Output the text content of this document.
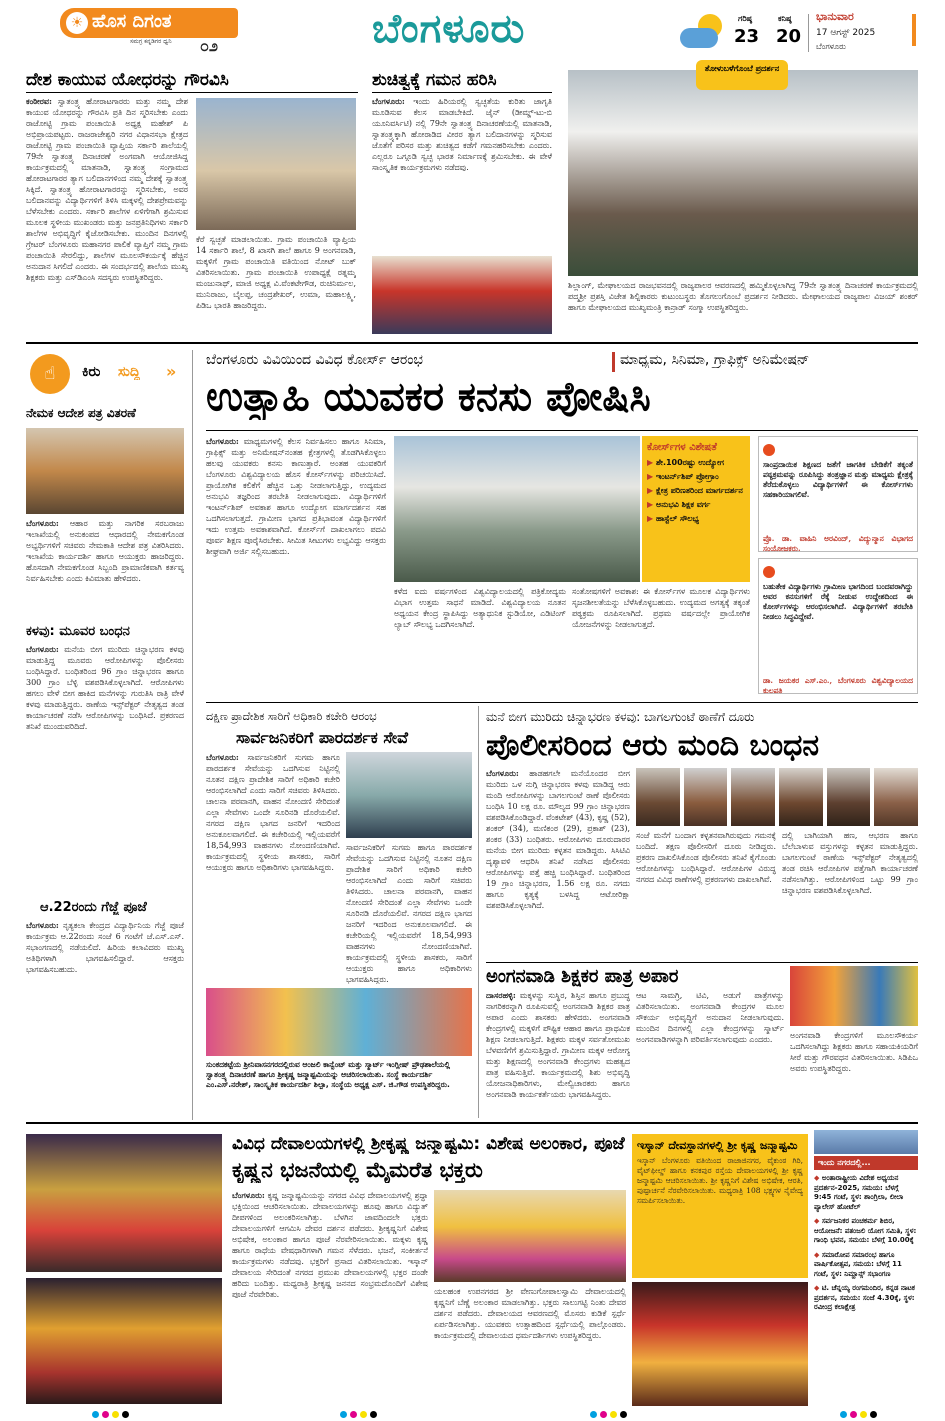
☀ ಹೊಸ ದಿಗಂತ
ಸಮಗ್ರ ಕನ್ನಡಿಗರ ಧ್ವನಿ ೦೨	ಬೆಂಗಳೂರು	ಗರಿಷ್ಠ
23
ಕನಿಷ್ಠ
20
ಭಾನುವಾರ
17 ಆಗಸ್ಟ್ 2025
ಬೆಂಗಳೂರು
ದೇಶ ಕಾಯುವ ಯೋಧರನ್ನು ಗೌರವಿಸಿ
ಕಂಠೀರವ: ಸ್ವಾತಂತ್ರ್ಯ ಹೋರಾಟಗಾರರು ಮತ್ತು ನಮ್ಮ ದೇಶ ಕಾಯುವ ಯೋಧರನ್ನು ಗೌರವಿಸಿ ಪ್ರತಿ ದಿನ ಸ್ಮರಿಸಬೇಕು ಎಂದು ರಾಜೋಟ್ಟಿ ಗ್ರಾಮ ಪಂಚಾಯಿತಿ ಅಧ್ಯಕ್ಷ ಮಹೇಶ್ ಪಿ ಅಭಿಪ್ರಾಯಪಟ್ಟರು. ರಾಜರಾಜೇಶ್ವರಿ ನಗರ ವಿಧಾನಸಭಾ ಕ್ಷೇತ್ರದ ರಾಜೋಟ್ಟಿ ಗ್ರಾಮ ಪಂಚಾಯಿತಿ ವ್ಯಾಪ್ತಿಯ ಸರ್ಕಾರಿ ಶಾಲೆಯಲ್ಲಿ 79ನೇ ಸ್ವಾತಂತ್ರ್ಯ ದಿನಾಚರಣೆ ಅಂಗವಾಗಿ ಆಯೋಜಿಸಿದ್ದ ಕಾರ್ಯಕ್ರಮದಲ್ಲಿ ಮಾತನಾಡಿ, ಸ್ವಾತಂತ್ರ್ಯ ಸಂಗ್ರಾಮದ ಹೋರಾಟಗಾರರ ತ್ಯಾಗ ಬಲಿದಾನಗಳಿಂದ ನಮ್ಮ ದೇಶಕ್ಕೆ ಸ್ವಾತಂತ್ರ್ಯ ಸಿಕ್ಕಿದೆ. ಸ್ವಾತಂತ್ರ್ಯ ಹೋರಾಟಗಾರರನ್ನು ಸ್ಮರಿಸಬೇಕು, ಅವರ ಬಲಿದಾನವನ್ನು ವಿದ್ಯಾರ್ಥಿಗಳಿಗೆ ತಿಳಿಸಿ ಮಕ್ಕಳಲ್ಲಿ ದೇಶಪ್ರೇಮವನ್ನು ಬೆಳೆಸಬೇಕು ಎಂದರು. ಸರ್ಕಾರಿ ಶಾಲೆಗಳ ಏಳಿಗೆಗಾಗಿ ಶ್ರಮಿಸುವ ಮೂಲಕ ಸ್ಥಳೀಯ ಮುಖಂಡರು ಮತ್ತು ಜನಪ್ರತಿನಿಧಿಗಳು ಸರ್ಕಾರಿ ಶಾಲೆಗಳ ಅಭಿವೃದ್ಧಿಗೆ ಕೈಜೋಡಿಸಬೇಕು. ಮುಂದಿನ ದಿನಗಳಲ್ಲಿ ಗ್ರೇಟರ್ ಬೆಂಗಳೂರು ಮಹಾನಗರ ಪಾಲಿಕೆ ವ್ಯಾಪ್ತಿಗೆ ನಮ್ಮ ಗ್ರಾಮ ಪಂಚಾಯಿತಿ ಸೇರಲಿದ್ದು, ಶಾಲೆಗಳ ಮೂಲಸೌಕರ್ಯಕ್ಕೆ ಹೆಚ್ಚಿನ ಅನುದಾನ ಸಿಗಲಿದೆ ಎಂದರು. ಈ ಸಂದರ್ಭದಲ್ಲಿ ಶಾಲೆಯ ಮುಖ್ಯ ಶಿಕ್ಷಕರು ಮತ್ತು ಎಸ್‌ಡಿಎಂಸಿ ಸದಸ್ಯರು ಉಪಸ್ಥಿತರಿದ್ದರು.
ಕೆರೆ ಸ್ವಚ್ಛತೆ ಮಾಡಲಾಯಿತು. ಗ್ರಾಮ ಪಂಚಾಯಿತಿ ವ್ಯಾಪ್ತಿಯ 14 ಸರ್ಕಾರಿ ಶಾಲೆ, 8 ಖಾಸಗಿ ಶಾಲೆ ಹಾಗೂ 9 ಅಂಗನವಾಡಿ, ಮಕ್ಕಳಿಗೆ ಗ್ರಾಮ ಪಂಚಾಯಿತಿ ವತಿಯಿಂದ ನೋಟ್ ಬುಕ್ ವಿತರಿಸಲಾಯಿತು. ಗ್ರಾಮ ಪಂಚಾಯಿತಿ ಉಪಾಧ್ಯಕ್ಷೆ ರತ್ನಮ್ಮ ಮಂಜುನಾಥ್, ಮಾಜಿ ಅಧ್ಯಕ್ಷ ವಿ.ವೆಂಕಟೇಗೌಡ, ರುಚಿನಿರ್ಮಲ, ಮುನಿರಾಜು, ಬೈಲಪ್ಪ, ಚಂದ್ರಶೇಖರ್, ಉಮಾ, ಮಹಾಲಕ್ಷ್ಮಿ, ಪಿಡಿಒ ಭಾರತಿ ಹಾಜರಿದ್ದರು.
ಶುಚಿತ್ವಕ್ಕೆ ಗಮನ ಹರಿಸಿ
ಬೆಂಗಳೂರು: ಇಂದು ಹಿರಿಯರಲ್ಲಿ ಸ್ವಚ್ಛತೆಯ ಕುರಿತು ಜಾಗೃತಿ ಮೂಡಿಸುವ ಕೆಲಸ ಮಾಡಬೇಕಿದೆ. ಜೈನ್ (ಡೀಮ್ಡ್-ಟು-ಬಿ ಯೂನಿವರ್ಸಿಟಿ) ನಲ್ಲಿ 79ನೇ ಸ್ವಾತಂತ್ರ್ಯ ದಿನಾಚರಣೆಯಲ್ಲಿ ಮಾತನಾಡಿ, ಸ್ವಾತಂತ್ರ್ಯಕ್ಕಾಗಿ ಹೋರಾಡಿದ ವೀರರ ತ್ಯಾಗ ಬಲಿದಾನಗಳನ್ನು ಸ್ಮರಿಸುವ ಜೊತೆಗೆ ಪರಿಸರ ಮತ್ತು ಶುಚಿತ್ವದ ಕಡೆಗೆ ಗಮನಹರಿಸಬೇಕು ಎಂದರು. ಎಲ್ಲರೂ ಒಗ್ಗೂಡಿ ಸ್ವಚ್ಛ ಭಾರತ ನಿರ್ಮಾಣಕ್ಕೆ ಶ್ರಮಿಸಬೇಕು. ಈ ವೇಳೆ ಸಾಂಸ್ಕೃತಿಕ ಕಾರ್ಯಕ್ರಮಗಳು ನಡೆದವು.
ತೋಳುಬಳೆಗೊಂಬೆ ಪ್ರದರ್ಶನ
ಶಿಲ್ಲಾಂಗ್, ಮೇಘಾಲಯದ ರಾಜಭವನದಲ್ಲಿ ರಾಜ್ಯಪಾಲರ ಆವರಣದಲ್ಲಿ ಹಮ್ಮಿಕೊಳ್ಳಲಾಗಿದ್ದ 79ನೇ ಸ್ವಾತಂತ್ರ್ಯ ದಿನಾಚರಣೆ ಕಾರ್ಯಕ್ರಮದಲ್ಲಿ ಪದ್ಮಶ್ರೀ ಪ್ರಶಸ್ತಿ ವಿಜೇತ ಶಿಲ್ಪಿಕಾರರು ಕುಟುಂಬಸ್ಥರು ತೊಗಲುಗೊಂಬೆ ಪ್ರದರ್ಶನ ನೀಡಿದರು. ಮೇಘಾಲಯದ ರಾಜ್ಯಪಾಲ ವಿಜಯ್ ಶಂಕರ್ ಹಾಗೂ ಮೇಘಾಲಯದ ಮುಖ್ಯಮಂತ್ರಿ ಕಾನ್ರಾಡ್ ಸಂಗ್ಮಾ ಉಪಸ್ಥಿತರಿದ್ದರು.
☝	ಕಿರು ಸುದ್ದಿ »
ನೇಮಕ ಆದೇಶ ಪತ್ರ ವಿತರಣೆ
ಬೆಂಗಳೂರು: ಆಹಾರ ಮತ್ತು ನಾಗರಿಕ ಸರಬರಾಜು ಇಲಾಖೆಯಲ್ಲಿ ಅನುಕಂಪದ ಆಧಾರದಲ್ಲಿ ನೇಮಕಗೊಂಡ ಅಭ್ಯರ್ಥಿಗಳಿಗೆ ಸಚಿವರು ನೇಮಕಾತಿ ಆದೇಶ ಪತ್ರ ವಿತರಿಸಿದರು. ಇಲಾಖೆಯ ಕಾರ್ಯದರ್ಶಿ ಹಾಗೂ ಆಯುಕ್ತರು ಹಾಜರಿದ್ದರು. ಹೊಸದಾಗಿ ನೇಮಕಗೊಂಡ ಸಿಬ್ಬಂದಿ ಪ್ರಾಮಾಣಿಕವಾಗಿ ಕರ್ತವ್ಯ ನಿರ್ವಹಿಸಬೇಕು ಎಂದು ಕಿವಿಮಾತು ಹೇಳಿದರು.
ಕಳವು: ಮೂವರ ಬಂಧನ
ಬೆಂಗಳೂರು: ಮನೆಯ ಬೀಗ ಮುರಿದು ಚಿನ್ನಾಭರಣ ಕಳವು ಮಾಡುತ್ತಿದ್ದ ಮೂವರು ಆರೋಪಿಗಳನ್ನು ಪೊಲೀಸರು ಬಂಧಿಸಿದ್ದಾರೆ. ಬಂಧಿತರಿಂದ 96 ಗ್ರಾಂ ಚಿನ್ನಾಭರಣ ಹಾಗೂ 300 ಗ್ರಾಂ ಬೆಳ್ಳಿ ವಶಪಡಿಸಿಕೊಳ್ಳಲಾಗಿದೆ. ಆರೋಪಿಗಳು ಹಗಲು ವೇಳೆ ಬೀಗ ಹಾಕಿದ ಮನೆಗಳನ್ನು ಗುರುತಿಸಿ ರಾತ್ರಿ ವೇಳೆ ಕಳವು ಮಾಡುತ್ತಿದ್ದರು. ಠಾಣೆಯ ಇನ್ಸ್‌ಪೆಕ್ಟರ್ ನೇತೃತ್ವದ ತಂಡ ಕಾರ್ಯಾಚರಣೆ ನಡೆಸಿ ಆರೋಪಿಗಳನ್ನು ಬಂಧಿಸಿದೆ. ಪ್ರಕರಣದ ತನಿಖೆ ಮುಂದುವರಿದಿದೆ.
ಆ.22ರಂದು ಗೆಜ್ಜೆ ಪೂಜೆ
ಬೆಂಗಳೂರು: ನೃತ್ಯಕಲಾ ಕೇಂದ್ರದ ವಿದ್ಯಾರ್ಥಿನಿಯ ಗೆಜ್ಜೆ ಪೂಜೆ ಕಾರ್ಯಕ್ರಮ ಆ.22ರಂದು ಸಂಜೆ 6 ಗಂಟೆಗೆ ಜೆ.ಎಸ್.ಎಸ್. ಸಭಾಂಗಣದಲ್ಲಿ ನಡೆಯಲಿದೆ. ಹಿರಿಯ ಕಲಾವಿದರು ಮುಖ್ಯ ಅತಿಥಿಗಳಾಗಿ ಭಾಗವಹಿಸಲಿದ್ದಾರೆ. ಆಸಕ್ತರು ಭಾಗವಹಿಸಬಹುದು.
ಬೆಂಗಳೂರು ವಿವಿಯಿಂದ ವಿವಿಧ ಕೋರ್ಸ್ ಆರಂಭ	ಮಾಧ್ಯಮ, ಸಿನಿಮಾ, ಗ್ರಾಫಿಕ್ಸ್ ಅನಿಮೇಷನ್
ಉತ್ಸಾಹಿ ಯುವಕರ ಕನಸು ಪೋಷಿಸಿ
ಬೆಂಗಳೂರು: ಮಾಧ್ಯಮಗಳಲ್ಲಿ ಕೆಲಸ ನಿರ್ವಹಿಸಲು ಹಾಗೂ ಸಿನಿಮಾ, ಗ್ರಾಫಿಕ್ಸ್ ಮತ್ತು ಅನಿಮೇಷನ್‌ನಂತಹ ಕ್ಷೇತ್ರಗಳಲ್ಲಿ ತೊಡಗಿಸಿಕೊಳ್ಳಲು ಹಲವು ಯುವಕರು ಕನಸು ಕಾಣುತ್ತಾರೆ. ಅಂತಹ ಯುವಕರಿಗೆ ಬೆಂಗಳೂರು ವಿಶ್ವವಿದ್ಯಾಲಯ ಹೊಸ ಕೋರ್ಸ್‌ಗಳನ್ನು ಪರಿಚಯಿಸಿದೆ. ಪ್ರಾಯೋಗಿಕ ಕಲಿಕೆಗೆ ಹೆಚ್ಚಿನ ಒತ್ತು ನೀಡಲಾಗುತ್ತಿದ್ದು, ಉದ್ಯಮದ ಅನುಭವಿ ತಜ್ಞರಿಂದ ತರಬೇತಿ ನೀಡಲಾಗುವುದು. ವಿದ್ಯಾರ್ಥಿಗಳಿಗೆ ಇಂಟರ್ನ್‌ಶಿಪ್ ಅವಕಾಶ ಹಾಗೂ ಉದ್ಯೋಗ ಮಾರ್ಗದರ್ಶನ ಸಹ ಒದಗಿಸಲಾಗುತ್ತದೆ. ಗ್ರಾಮೀಣ ಭಾಗದ ಪ್ರತಿಭಾವಂತ ವಿದ್ಯಾರ್ಥಿಗಳಿಗೆ ಇದು ಉತ್ತಮ ಅವಕಾಶವಾಗಿದೆ. ಕೋರ್ಸ್‌ಗೆ ದಾಖಲಾಗಲು ಪದವಿ ಪೂರ್ವ ಶಿಕ್ಷಣ ಪೂರೈಸಿರಬೇಕು. ಸೀಮಿತ ಸೀಟುಗಳು ಲಭ್ಯವಿದ್ದು ಆಸಕ್ತರು ಶೀಘ್ರವಾಗಿ ಅರ್ಜಿ ಸಲ್ಲಿಸಬಹುದು.
ಕಳೆದ ಐದು ವರ್ಷಗಳಿಂದ ವಿಶ್ವವಿದ್ಯಾಲಯದಲ್ಲಿ ಪತ್ರಿಕೋದ್ಯಮ ವಿಭಾಗ ಉತ್ತಮ ಸಾಧನೆ ಮಾಡಿದೆ. ವಿಶ್ವವಿದ್ಯಾಲಯ ನೂತನ ಅಧ್ಯಯನ ಕೇಂದ್ರ ಸ್ಥಾಪಿಸಿದ್ದು ಅತ್ಯಾಧುನಿಕ ಸ್ಟುಡಿಯೋ, ಎಡಿಟಿಂಗ್ ಲ್ಯಾಬ್ ಸೌಲಭ್ಯ ಒದಗಿಸಲಾಗಿದೆ.
ಸಂತೋಷಗಳಿಗೆ ಅವಕಾಶ: ಈ ಕೋರ್ಸ್‌ಗಳ ಮೂಲಕ ವಿದ್ಯಾರ್ಥಿಗಳು ಸೃಜನಶೀಲತೆಯನ್ನು ಬೆಳೆಸಿಕೊಳ್ಳಬಹುದು. ಉದ್ಯಮದ ಅಗತ್ಯಕ್ಕೆ ತಕ್ಕಂತೆ ಪಠ್ಯಕ್ರಮ ರೂಪಿಸಲಾಗಿದೆ. ಪ್ರಥಮ ವರ್ಷದಲ್ಲೇ ಪ್ರಾಯೋಗಿಕ ಯೋಜನೆಗಳನ್ನು ನೀಡಲಾಗುತ್ತದೆ.
ಕೋರ್ಸ್‌ಗಳ ವಿಶೇಷತೆ
▶ ಶೇ.100ರಷ್ಟು ಉದ್ಯೋಗ
▶ ಇಂಟರ್ನ್‌ಶಿಪ್ ಪ್ರೋಗ್ರಾಂ
▶ ಕ್ಷೇತ್ರ ಪರಿಣತರಿಂದ ಮಾರ್ಗದರ್ಶನ
▶ ಅನುಭವಿ ಶಿಕ್ಷಕ ವರ್ಗ
▶ ಹಾಸ್ಟೆಲ್ ಸೌಲಭ್ಯ
ಸಾಂಪ್ರದಾಯಿಕ ಶಿಕ್ಷಣದ ಜತೆಗೆ ಜಾಗತಿಕ ಬೇಡಿಕೆಗೆ ತಕ್ಕಂತೆ ಪಠ್ಯಕ್ರಮವನ್ನು ರೂಪಿಸಿದ್ದು ತಂತ್ರಜ್ಞಾನ ಮತ್ತು ಮಾಧ್ಯಮ ಕ್ಷೇತ್ರಕ್ಕೆ ತೆರೆದುಕೊಳ್ಳಲು ವಿದ್ಯಾರ್ಥಿಗಳಿಗೆ ಈ ಕೋರ್ಸ್‌ಗಳು ಸಹಕಾರಿಯಾಗಲಿವೆ.
ಪ್ರೊ. ಡಾ. ವಾಹಿನಿ ಅರವಿಂದ್, ವಿದ್ಯುನ್ಮಾನ ವಿಭಾಗದ ಸಂಯೋಜಕರು.
ಬಹುತೇಕ ವಿದ್ಯಾರ್ಥಿಗಳು ಗ್ರಾಮೀಣ ಭಾಗದಿಂದ ಬಂದವರಾಗಿದ್ದು ಅವರ ಕನಸುಗಳಿಗೆ ರೆಕ್ಕೆ ನೀಡುವ ಉದ್ದೇಶದಿಂದ ಈ ಕೋರ್ಸ್‌ಗಳನ್ನು ಆರಂಭಿಸಲಾಗಿದೆ. ವಿದ್ಯಾರ್ಥಿಗಳಿಗೆ ತರಬೇತಿ ನೀಡಲು ಸಿದ್ಧವಿದ್ದೇವೆ.
ಡಾ. ಜಯಕರ ಎಸ್.ಎಂ., ಬೆಂಗಳೂರು ವಿಶ್ವವಿದ್ಯಾಲಯದ ಕುಲಪತಿ
ದಕ್ಷಿಣ ಪ್ರಾದೇಶಿಕ ಸಾರಿಗೆ ಅಧಿಕಾರಿ ಕಚೇರಿ ಆರಂಭ
ಸಾರ್ವಜನಿಕರಿಗೆ ಪಾರದರ್ಶಕ ಸೇವೆ
ಬೆಂಗಳೂರು: ಸಾರ್ವಜನಿಕರಿಗೆ ಸುಗಮ ಹಾಗೂ ಪಾರದರ್ಶಕ ಸೇವೆಯನ್ನು ಒದಗಿಸುವ ನಿಟ್ಟಿನಲ್ಲಿ ನೂತನ ದಕ್ಷಿಣ ಪ್ರಾದೇಶಿಕ ಸಾರಿಗೆ ಅಧಿಕಾರಿ ಕಚೇರಿ ಆರಂಭಿಸಲಾಗಿದೆ ಎಂದು ಸಾರಿಗೆ ಸಚಿವರು ತಿಳಿಸಿದರು. ಚಾಲನಾ ಪರವಾನಗಿ, ವಾಹನ ನೋಂದಣಿ ಸೇರಿದಂತೆ ಎಲ್ಲಾ ಸೇವೆಗಳು ಒಂದೇ ಸೂರಿನಡಿ ದೊರೆಯಲಿವೆ. ನಗರದ ದಕ್ಷಿಣ ಭಾಗದ ಜನರಿಗೆ ಇದರಿಂದ ಅನುಕೂಲವಾಗಲಿದೆ. ಈ ಕಚೇರಿಯಲ್ಲಿ ಇಲ್ಲಿಯವರೆಗೆ 18,54,993 ವಾಹನಗಳು ನೋಂದಣಿಯಾಗಿವೆ. ಕಾರ್ಯಕ್ರಮದಲ್ಲಿ ಸ್ಥಳೀಯ ಶಾಸಕರು, ಸಾರಿಗೆ ಆಯುಕ್ತರು ಹಾಗೂ ಅಧಿಕಾರಿಗಳು ಭಾಗವಹಿಸಿದ್ದರು.
ಸಾರ್ವಜನಿಕರಿಗೆ ಸುಗಮ ಹಾಗೂ ಪಾರದರ್ಶಕ ಸೇವೆಯನ್ನು ಒದಗಿಸುವ ನಿಟ್ಟಿನಲ್ಲಿ ನೂತನ ದಕ್ಷಿಣ ಪ್ರಾದೇಶಿಕ ಸಾರಿಗೆ ಅಧಿಕಾರಿ ಕಚೇರಿ ಆರಂಭಿಸಲಾಗಿದೆ ಎಂದು ಸಾರಿಗೆ ಸಚಿವರು ತಿಳಿಸಿದರು. ಚಾಲನಾ ಪರವಾನಗಿ, ವಾಹನ ನೋಂದಣಿ ಸೇರಿದಂತೆ ಎಲ್ಲಾ ಸೇವೆಗಳು ಒಂದೇ ಸೂರಿನಡಿ ದೊರೆಯಲಿವೆ. ನಗರದ ದಕ್ಷಿಣ ಭಾಗದ ಜನರಿಗೆ ಇದರಿಂದ ಅನುಕೂಲವಾಗಲಿದೆ. ಈ ಕಚೇರಿಯಲ್ಲಿ ಇಲ್ಲಿಯವರೆಗೆ 18,54,993 ವಾಹನಗಳು ನೋಂದಣಿಯಾಗಿವೆ. ಕಾರ್ಯಕ್ರಮದಲ್ಲಿ ಸ್ಥಳೀಯ ಶಾಸಕರು, ಸಾರಿಗೆ ಆಯುಕ್ತರು ಹಾಗೂ ಅಧಿಕಾರಿಗಳು ಭಾಗವಹಿಸಿದ್ದರು.
ಸುಂಕದಕಟ್ಟೆಯ ಶ್ರೀನಿವಾಸನಗರದಲ್ಲಿರುವ ಆಂಜಲಿ ಕಾನ್ವೆಂಟ್ ಮತ್ತು ಸ್ಮಾರ್ಟ್ ಇಂಗ್ಲೀಷ್ ಪ್ರೌಢಶಾಲೆಯಲ್ಲಿ ಸ್ವಾತಂತ್ರ್ಯ ದಿನಾಚರಣೆ ಹಾಗೂ ಶ್ರೀಕೃಷ್ಣ ಜನ್ಮಾಷ್ಟಮಿಯನ್ನು ಆಚರಿಸಲಾಯಿತು. ಸಂಸ್ಥೆ ಕಾರ್ಯದರ್ಶಿ ಎಂ.ಎಸ್.ನರೇಶ್, ಸಾಂಸ್ಕೃತಿಕ ಕಾರ್ಯದರ್ಶಿ ಶಿಲ್ಪಾ, ಸಂಸ್ಥೆಯ ಅಧ್ಯಕ್ಷ ಎಸ್. ಜಿ.ಗೌಡ ಉಪಸ್ಥಿತರಿದ್ದರು.
ಮನೆ ಬೀಗ ಮುರಿದು ಚಿನ್ನಾಭರಣ ಕಳವು: ಬಾಗಲಗುಂಟೆ ಠಾಣೆಗೆ ದೂರು
ಪೊಲೀಸರಿಂದ ಆರು ಮಂದಿ ಬಂಧನ
ಬೆಂಗಳೂರು: ಹಾಡಹಗಲೇ ಮನೆಯೊಂದರ ಬೀಗ ಮುರಿದು ಒಳ ನುಗ್ಗಿ ಚಿನ್ನಾಭರಣ ಕಳವು ಮಾಡಿದ್ದ ಆರು ಮಂದಿ ಆರೋಪಿಗಳನ್ನು ಬಾಗಲಗುಂಟೆ ಠಾಣೆ ಪೊಲೀಸರು ಬಂಧಿಸಿ 10 ಲಕ್ಷ ರೂ. ಮೌಲ್ಯದ 99 ಗ್ರಾಂ ಚಿನ್ನಾಭರಣ ವಶಪಡಿಸಿಕೊಂಡಿದ್ದಾರೆ. ವೆಂಕಟೇಶ್ (43), ಕೃಷ್ಣ (52), ಶಂಕರ್ (34), ಮಣಿಕಂಠ (29), ಪ್ರಕಾಶ್ (23), ಶಂಕರ (33) ಬಂಧಿತರು. ಆರೋಪಿಗಳು ದೂರುದಾರರ ಮನೆಯ ಬೀಗ ಮುರಿದು ಕಳ್ಳತನ ಮಾಡಿದ್ದರು. ಸಿಸಿಟಿವಿ ದೃಶ್ಯಾವಳಿ ಆಧರಿಸಿ ತನಿಖೆ ನಡೆಸಿದ ಪೊಲೀಸರು ಆರೋಪಿಗಳನ್ನು ಪತ್ತೆ ಹಚ್ಚಿ ಬಂಧಿಸಿದ್ದಾರೆ. ಬಂಧಿತರಿಂದ 19 ಗ್ರಾಂ ಚಿನ್ನಾಭರಣ, 1.56 ಲಕ್ಷ ರೂ. ನಗದು ಹಾಗೂ ಕೃತ್ಯಕ್ಕೆ ಬಳಸಿದ್ದ ಆಟೋರಿಕ್ಷಾ ವಶಪಡಿಸಿಕೊಳ್ಳಲಾಗಿದೆ.
ಸಂಜೆ ಮನೆಗೆ ಬಂದಾಗ ಕಳ್ಳತನವಾಗಿರುವುದು ಗಮನಕ್ಕೆ ಬಂದಿದೆ. ತಕ್ಷಣ ಪೊಲೀಸರಿಗೆ ದೂರು ನೀಡಿದ್ದರು. ಪ್ರಕರಣ ದಾಖಲಿಸಿಕೊಂಡ ಪೊಲೀಸರು ತನಿಖೆ ಕೈಗೊಂಡು ಆರೋಪಿಗಳನ್ನು ಬಂಧಿಸಿದ್ದಾರೆ. ಆರೋಪಿಗಳ ವಿರುದ್ಧ ನಗರದ ವಿವಿಧ ಠಾಣೆಗಳಲ್ಲಿ ಪ್ರಕರಣಗಳು ದಾಖಲಾಗಿವೆ.
ದಲ್ಲಿ ಬಾಗಿಯಾಗಿ ಹಣ, ಆಭರಣ ಹಾಗೂ ಬೆಲೆಬಾಳುವ ವಸ್ತುಗಳನ್ನು ಕಳ್ಳತನ ಮಾಡುತ್ತಿದ್ದರು. ಬಾಗಲಗುಂಟೆ ಠಾಣೆಯ ಇನ್ಸ್‌ಪೆಕ್ಟರ್ ನೇತೃತ್ವದಲ್ಲಿ ತಂಡ ರಚಿಸಿ ಆರೋಪಿಗಳ ಪತ್ತೆಗಾಗಿ ಕಾರ್ಯಾಚರಣೆ ನಡೆಸಲಾಗಿತ್ತು. ಆರೋಪಿಗಳಿಂದ ಒಟ್ಟು 99 ಗ್ರಾಂ ಚಿನ್ನಾಭರಣ ವಶಪಡಿಸಿಕೊಳ್ಳಲಾಗಿದೆ.
ಅಂಗನವಾಡಿ ಶಿಕ್ಷಕರ ಪಾತ್ರ ಅಪಾರ
ದಾಸರಹಳ್ಳಿ: ಮಕ್ಕಳನ್ನು ಸುಸ್ಥಿರ, ಶಿಸ್ತಿನ ಹಾಗೂ ಪ್ರಬುದ್ಧ ನಾಗರಿಕರನ್ನಾಗಿ ರೂಪಿಸುವಲ್ಲಿ ಅಂಗನವಾಡಿ ಶಿಕ್ಷಕರ ಪಾತ್ರ ಅಪಾರ ಎಂದು ಶಾಸಕರು ಹೇಳಿದರು. ಅಂಗನವಾಡಿ ಕೇಂದ್ರಗಳಲ್ಲಿ ಮಕ್ಕಳಿಗೆ ಪೌಷ್ಟಿಕ ಆಹಾರ ಹಾಗೂ ಪ್ರಾಥಮಿಕ ಶಿಕ್ಷಣ ನೀಡಲಾಗುತ್ತಿದೆ. ಶಿಕ್ಷಕರು ಮಕ್ಕಳ ಸರ್ವತೋಮುಖ ಬೆಳವಣಿಗೆಗೆ ಶ್ರಮಿಸುತ್ತಿದ್ದಾರೆ. ಗ್ರಾಮೀಣ ಮಕ್ಕಳ ಆರೋಗ್ಯ ಮತ್ತು ಶಿಕ್ಷಣದಲ್ಲಿ ಅಂಗನವಾಡಿ ಕೇಂದ್ರಗಳು ಮಹತ್ವದ ಪಾತ್ರ ವಹಿಸುತ್ತಿವೆ. ಕಾರ್ಯಕ್ರಮದಲ್ಲಿ ಶಿಶು ಅಭಿವೃದ್ಧಿ ಯೋಜನಾಧಿಕಾರಿಗಳು, ಮೇಲ್ವಿಚಾರಕರು ಹಾಗೂ ಅಂಗನವಾಡಿ ಕಾರ್ಯಕರ್ತೆಯರು ಭಾಗವಹಿಸಿದ್ದರು.
ಆಟ ಸಾಮಗ್ರಿ, ಟಿವಿ, ಅಡುಗೆ ಪಾತ್ರೆಗಳನ್ನು ವಿತರಿಸಲಾಯಿತು. ಅಂಗನವಾಡಿ ಕೇಂದ್ರಗಳ ಮೂಲ ಸೌಕರ್ಯ ಅಭಿವೃದ್ಧಿಗೆ ಅನುದಾನ ನೀಡಲಾಗುವುದು. ಮುಂದಿನ ದಿನಗಳಲ್ಲಿ ಎಲ್ಲಾ ಕೇಂದ್ರಗಳನ್ನು ಸ್ಮಾರ್ಟ್ ಅಂಗನವಾಡಿಗಳನ್ನಾಗಿ ಪರಿವರ್ತಿಸಲಾಗುವುದು ಎಂದರು.	ಅಂಗನವಾಡಿ ಕೇಂದ್ರಗಳಿಗೆ ಮೂಲಸೌಕರ್ಯ ಒದಗಿಸಲಾಗಿದ್ದು ಶಿಕ್ಷಕರು ಹಾಗೂ ಸಹಾಯಕಿಯರಿಗೆ ಸೀರೆ ಮತ್ತು ಗೌರವಧನ ವಿತರಿಸಲಾಯಿತು. ಸಿಡಿಪಿಒ ಅವರು ಉಪಸ್ಥಿತರಿದ್ದರು.
ವಿವಿಧ ದೇವಾಲಯಗಳಲ್ಲಿ ಶ್ರೀಕೃಷ್ಣ ಜನ್ಮಾಷ್ಟಮಿ: ವಿಶೇಷ ಅಲಂಕಾರ, ಪೂಜೆ
ಕೃಷ್ಣನ ಭಜನೆಯಲ್ಲಿ ಮೈಮರೆತ ಭಕ್ತರು
ಬೆಂಗಳೂರು: ಕೃಷ್ಣ ಜನ್ಮಾಷ್ಟಮಿಯನ್ನು ನಗರದ ವಿವಿಧ ದೇವಾಲಯಗಳಲ್ಲಿ ಶ್ರದ್ಧಾ ಭಕ್ತಿಯಿಂದ ಆಚರಿಸಲಾಯಿತು. ದೇವಾಲಯಗಳನ್ನು ಹೂವು ಹಾಗೂ ವಿದ್ಯುತ್ ದೀಪಗಳಿಂದ ಅಲಂಕರಿಸಲಾಗಿತ್ತು. ಬೆಳಗಿನ ಜಾವದಿಂದಲೇ ಭಕ್ತರು ದೇವಾಲಯಗಳಿಗೆ ಆಗಮಿಸಿ ದೇವರ ದರ್ಶನ ಪಡೆದರು. ಶ್ರೀಕೃಷ್ಣನಿಗೆ ವಿಶೇಷ ಅಭಿಷೇಕ, ಅಲಂಕಾರ ಹಾಗೂ ಪೂಜೆ ನೆರವೇರಿಸಲಾಯಿತು. ಮಕ್ಕಳು ಕೃಷ್ಣ ಹಾಗೂ ರಾಧೆಯ ವೇಷಧಾರಿಗಳಾಗಿ ಗಮನ ಸೆಳೆದರು. ಭಜನೆ, ಸಂಕೀರ್ತನೆ ಕಾರ್ಯಕ್ರಮಗಳು ನಡೆದವು. ಭಕ್ತರಿಗೆ ಪ್ರಸಾದ ವಿತರಿಸಲಾಯಿತು. ಇಸ್ಕಾನ್ ದೇವಾಲಯ ಸೇರಿದಂತೆ ನಗರದ ಪ್ರಮುಖ ದೇವಾಲಯಗಳಲ್ಲಿ ಭಕ್ತರ ದಂಡೇ ಹರಿದು ಬಂದಿತ್ತು. ಮಧ್ಯರಾತ್ರಿ ಶ್ರೀಕೃಷ್ಣ ಜನನದ ಸಂಭ್ರಮದೊಂದಿಗೆ ವಿಶೇಷ ಪೂಜೆ ನೆರವೇರಿತು.	ಯಲಹಂಕ ಉಪನಗರದ ಶ್ರೀ ವೇಣುಗೋಪಾಲಸ್ವಾಮಿ ದೇವಾಲಯದಲ್ಲಿ ಕೃಷ್ಣನಿಗೆ ಬೆಣ್ಣೆ ಅಲಂಕಾರ ಮಾಡಲಾಗಿತ್ತು. ಭಕ್ತರು ಸಾಲುಗಟ್ಟಿ ನಿಂತು ದೇವರ ದರ್ಶನ ಪಡೆದರು. ದೇವಾಲಯದ ಆವರಣದಲ್ಲಿ ಮೊಸರು ಕುಡಿಕೆ ಸ್ಪರ್ಧೆ ಏರ್ಪಡಿಸಲಾಗಿತ್ತು. ಯುವಕರು ಉತ್ಸಾಹದಿಂದ ಸ್ಪರ್ಧೆಯಲ್ಲಿ ಪಾಲ್ಗೊಂಡರು. ಕಾರ್ಯಕ್ರಮದಲ್ಲಿ ದೇವಾಲಯದ ಧರ್ಮದರ್ಶಿಗಳು ಉಪಸ್ಥಿತರಿದ್ದರು.
ಇಸ್ಕಾನ್ ದೇವಸ್ಥಾನಗಳಲ್ಲಿ ಶ್ರೀ ಕೃಷ್ಣ ಜನ್ಮಾಷ್ಟಮಿ
ಇಸ್ಕಾನ್ ಬೆಂಗಳೂರು ವತಿಯಿಂದ ರಾಜಾಜಿನಗರ, ವೈಕುಂಠ ಗಿರಿ, ವೈಟ್‌ಫೀಲ್ಡ್ ಹಾಗೂ ಕನಕಪುರ ರಸ್ತೆಯ ದೇವಾಲಯಗಳಲ್ಲಿ ಶ್ರೀ ಕೃಷ್ಣ ಜನ್ಮಾಷ್ಟಮಿ ಆಚರಿಸಲಾಯಿತು. ಶ್ರೀ ಕೃಷ್ಣನಿಗೆ ವಿಶೇಷ ಅಭಿಷೇಕ, ಆರತಿ, ಪುಷ್ಪಾರ್ಚನೆ ನೆರವೇರಿಸಲಾಯಿತು. ಮಧ್ಯರಾತ್ರಿ 108 ಭಕ್ಷ್ಯಗಳ ನೈವೇದ್ಯ ಸಮರ್ಪಿಸಲಾಯಿತು.
ಇಂದು ನಗರದಲ್ಲಿ...
◆ ಅಂತಾರಾಷ್ಟ್ರೀಯ ವಿದೇಶ ಅಧ್ಯಯನ ಪ್ರದರ್ಶನ-2025, ಸಮಯ: ಬೆಳಗ್ಗೆ 9:45 ಗಂಟೆ, ಸ್ಥಳ: ಶಾಂಗ್ರಿಲಾ, ಲೀಲಾ ಪ್ಯಾಲೇಸ್ ಹೋಟೆಲ್
◆ ಸರ್ವಜನಿಕರ ಪಂಚಕರ್ಮ ಶಿಬಿರ, ಆಯೋಜನೆ: ಪತಂಜಲಿ ಯೋಗ ಸಮಿತಿ, ಸ್ಥಳ: ಗಾಂಧಿ ಭವನ, ಸಮಯ: ಬೆಳಗ್ಗೆ 10.00ಕ್ಕೆ
◆ ಸಮಾರೋಪ ಸಮಾರಂಭ ಹಾಗೂ ವಾರ್ಷಿಕೋತ್ಸವ, ಸಮಯ: ಬೆಳಗ್ಗೆ 11 ಗಂಟೆ, ಸ್ಥಳ: ನಿಮ್ಹಾನ್ಸ್ ಸಭಾಂಗಣ
◆ ಟಿ. ಚೆನ್ನಯ್ಯ ರಂಗಮಂದಿರ, ಕನ್ನಡ ನಾಟಕ ಪ್ರದರ್ಶನ, ಸಮಯ: ಸಂಜೆ 4.30ಕ್ಕೆ, ಸ್ಥಳ: ರವೀಂದ್ರ ಕಲಾಕ್ಷೇತ್ರ
